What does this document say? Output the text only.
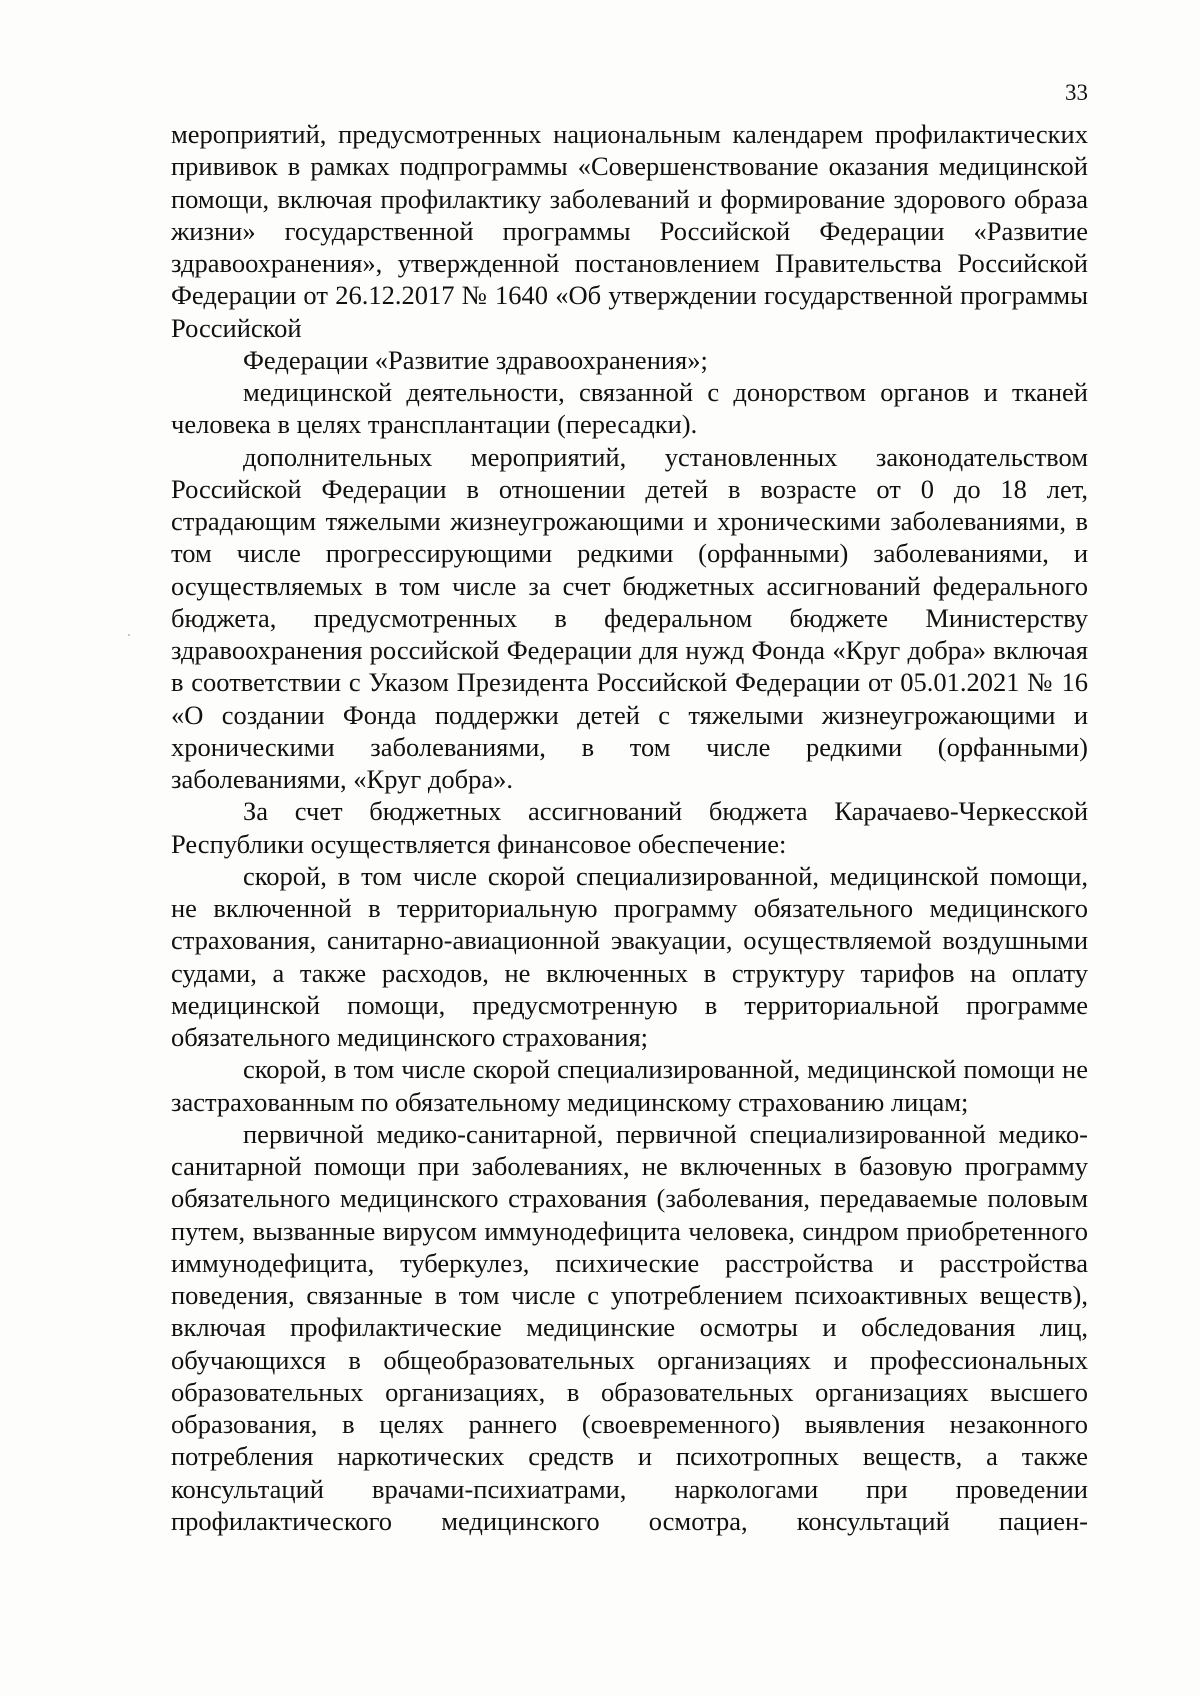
33

мероприятий, предусмотренных национальным календарем профилактических прививок в рамках подпрограммы «Совершенствование оказания медицинской помощи, включая профилактику заболеваний и формирование здорового образа жизни» государственной программы Российской Федерации «Развитие здравоохранения», утвержденной постановлением Правительства Российской Федерации от 26.12.2017 № 1640 «Об утверждении государственной программы Российской

Федерации «Развитие здравоохранения»;

медицинской деятельности, связанной с донорством органов и тканей человека в целях трансплантации (пересадки).

дополнительных мероприятий, установленных законодательством Российской Федерации в отношении детей в возрасте от 0 до 18 лет, страдающим тяжелыми жизнеугрожающими и хроническими заболеваниями, в том числе прогрессирующими редкими (орфанными) заболеваниями, и осуществляемых в том числе за счет бюджетных ассигнований федерального бюджета, предусмотренных в федеральном бюджете Министерству здравоохранения российской Федерации для нужд Фонда «Круг добра» включая в соответствии с Указом Президента Российской Федерации от 05.01.2021 № 16 «О создании Фонда поддержки детей с тяжелыми жизнеугрожающими и хроническими заболеваниями, в том числе редкими (орфанными) заболеваниями, «Круг добра».

За счет бюджетных ассигнований бюджета Карачаево-Черкесской Республики осуществляется финансовое обеспечение:

скорой, в том числе скорой специализированной, медицинской помощи, не включенной в территориальную программу обязательного медицинского страхования, санитарно-авиационной эвакуации, осуществляемой воздушными судами, а также расходов, не включенных в структуру тарифов на оплату медицинской помощи, предусмотренную в территориальной программе обязательного медицинского страхования;

скорой, в том числе скорой специализированной, медицинской помощи не застрахованным по обязательному медицинскому страхованию лицам;

первичной медико-санитарной, первичной специализированной медико-санитарной помощи при заболеваниях, не включенных в базовую программу обязательного медицинского страхования (заболевания, передаваемые половым путем, вызванные вирусом иммунодефицита человека, синдром приобретенного иммунодефицита, туберкулез, психические расстройства и расстройства поведения, связанные в том числе с употреблением психоактивных веществ), включая профилактические медицинские осмотры и обследования лиц, обучающихся в общеобразовательных организациях и профессиональных образовательных организациях, в образовательных организациях высшего образования, в целях раннего (своевременного) выявления незаконного потребления наркотических средств и психотропных веществ, а также консультаций врачами-психиатрами, наркологами при проведении профилактического медицинского осмотра, консультаций пациен-
